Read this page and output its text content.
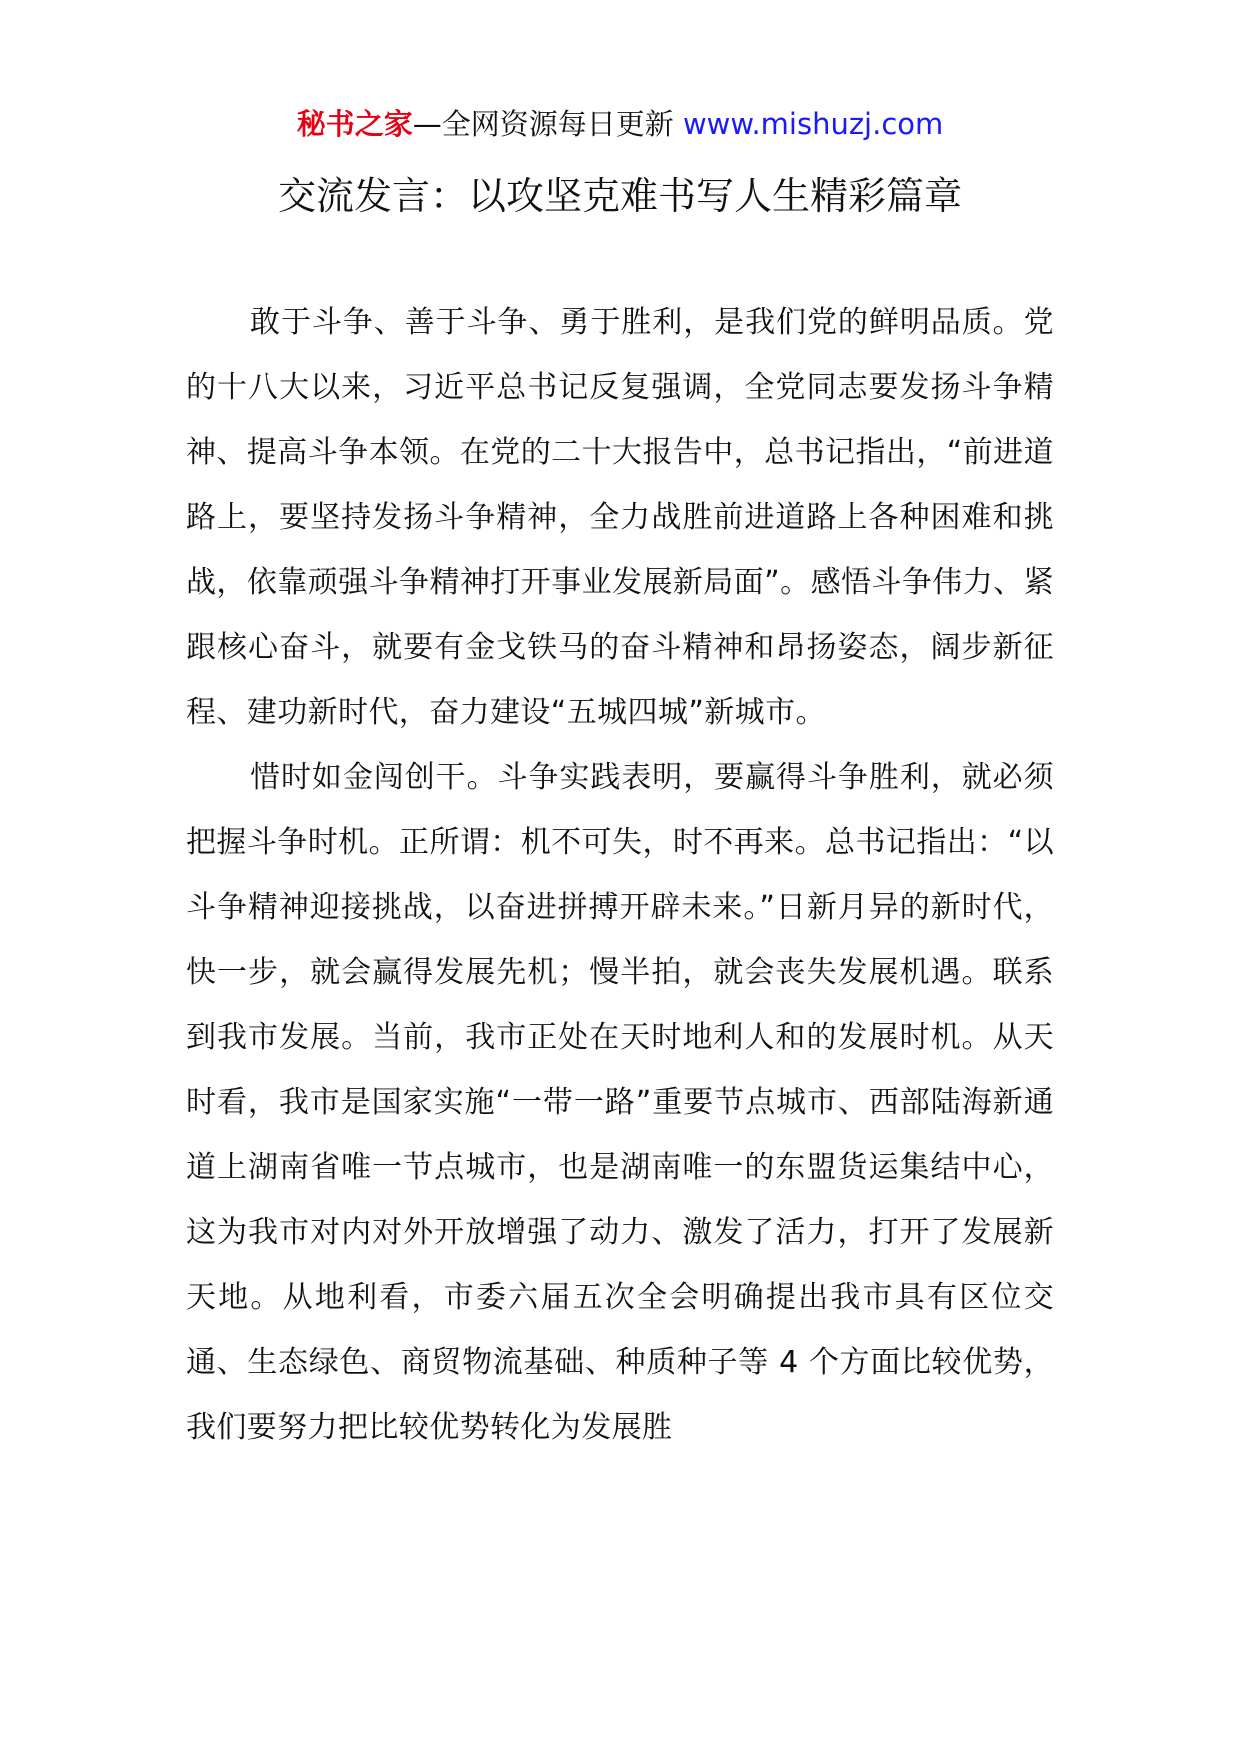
秘书之家—全网资源每日更新 www.mishuzj.com
交流发言：以攻坚克难书写人生精彩篇章

敢于斗争、善于斗争、勇于胜利，是我们党的鲜明品质。党的十八大以来，习近平总书记反复强调，全党同志要发扬斗争精神、提高斗争本领。在党的二十大报告中，总书记指出，“前进道路上，要坚持发扬斗争精神，全力战胜前进道路上各种困难和挑战，依靠顽强斗争精神打开事业发展新局面”。感悟斗争伟力、紧跟核心奋斗，就要有金戈铁马的奋斗精神和昂扬姿态，阔步新征程、建功新时代，奋力建设“五城四城”新城市。

惜时如金闯创干。斗争实践表明，要赢得斗争胜利，就必须把握斗争时机。正所谓：机不可失，时不再来。总书记指出：“以斗争精神迎接挑战，以奋进拼搏开辟未来。”日新月异的新时代，快一步，就会赢得发展先机；慢半拍，就会丧失发展机遇。联系到我市发展。当前，我市正处在天时地利人和的发展时机。从天时看，我市是国家实施“一带一路”重要节点城市、西部陆海新通道上湖南省唯一节点城市，也是湖南唯一的东盟货运集结中心，这为我市对内对外开放增强了动力、激发了活力，打开了发展新天地。从地利看，市委六届五次全会明确提出我市具有区位交通、生态绿色、商贸物流基础、种质种子等 4 个方面比较优势，我们要努力把比较优势转化为发展胜
